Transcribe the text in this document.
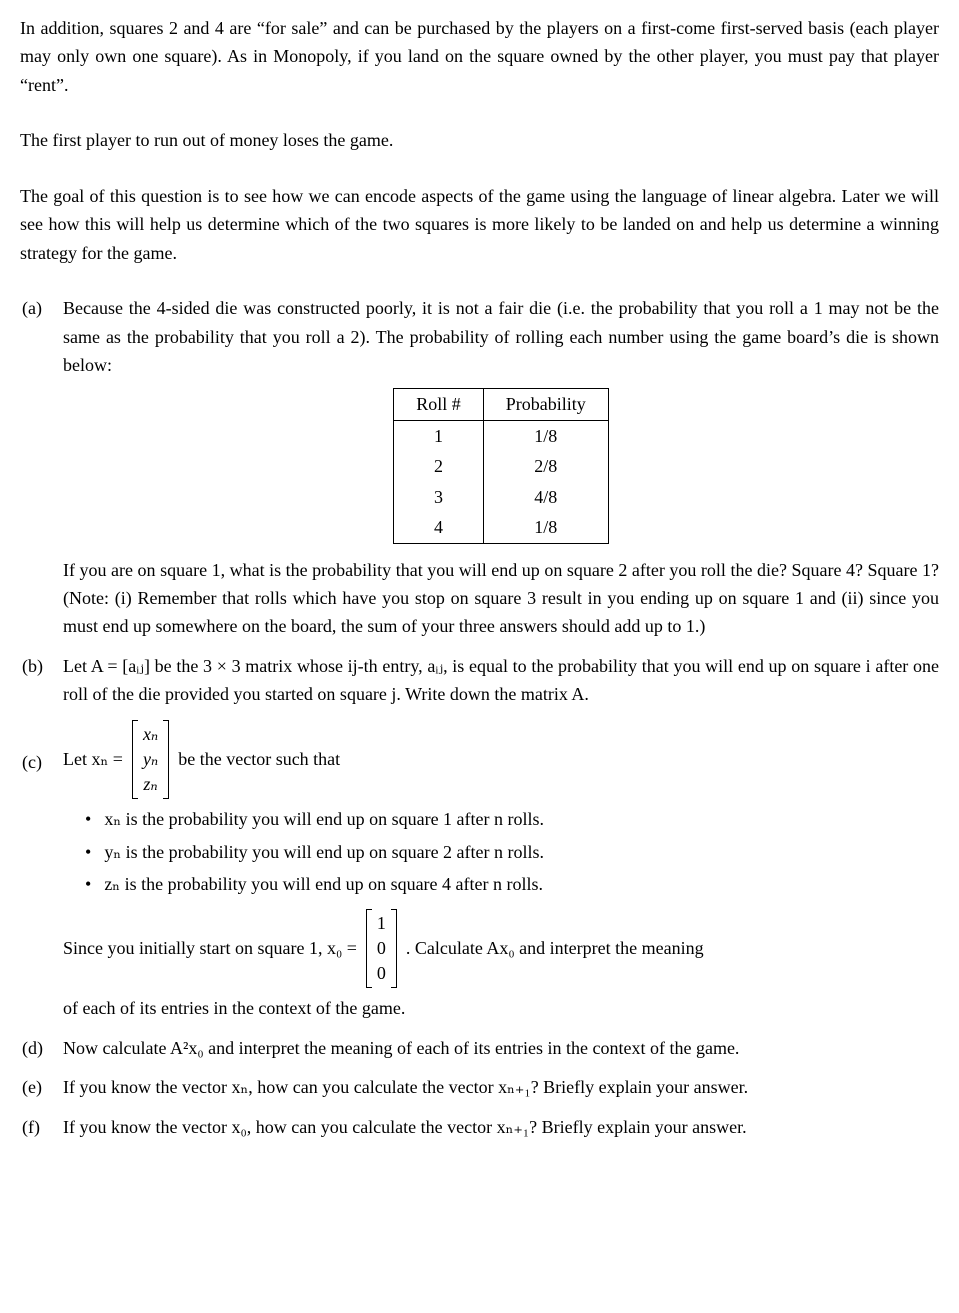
In addition, squares 2 and 4 are “for sale” and can be purchased by the players on a first-come first-served basis (each player may only own one square). As in Monopoly, if you land on the square owned by the other player, you must pay that player “rent”.

The first player to run out of money loses the game.

The goal of this question is to see how we can encode aspects of the game using the language of linear algebra. Later we will see how this will help us determine which of the two squares is more likely to be landed on and help us determine a winning strategy for the game.

(a) Because the 4-sided die was constructed poorly, it is not a fair die (i.e. the probability that you roll a 1 may not be the same as the probability that you roll a 2). The probability of rolling each number using the game board’s die is shown below:

Roll #	Probability
1	1/8
2	2/8
3	4/8
4	1/8

If you are on square 1, what is the probability that you will end up on square 2 after you roll the die? Square 4? Square 1? (Note: (i) Remember that rolls which have you stop on square 3 result in you ending up on square 1 and (ii) since you must end up somewhere on the board, the sum of your three answers should add up to 1.)

(b) Let A = [aᵢⱼ] be the 3 × 3 matrix whose ij-th entry, aᵢⱼ, is equal to the probability that you will end up on square i after one roll of the die provided you started on square j. Write down the matrix A.

(c) Let xₙ =
xₙ
yₙ
zₙ
be the vector such that
• xₙ is the probability you will end up on square 1 after n rolls.
• yₙ is the probability you will end up on square 2 after n rolls.
• zₙ is the probability you will end up on square 4 after n rolls.
Since you initially start on square 1, x₀ =
1
0
0
. Calculate Ax₀ and interpret the meaning

of each of its entries in the context of the game.

(d) Now calculate A²x₀ and interpret the meaning of each of its entries in the context of the game.

(e) If you know the vector xₙ, how can you calculate the vector xₙ₊₁? Briefly explain your answer.

(f) If you know the vector x₀, how can you calculate the vector xₙ₊₁? Briefly explain your answer.
